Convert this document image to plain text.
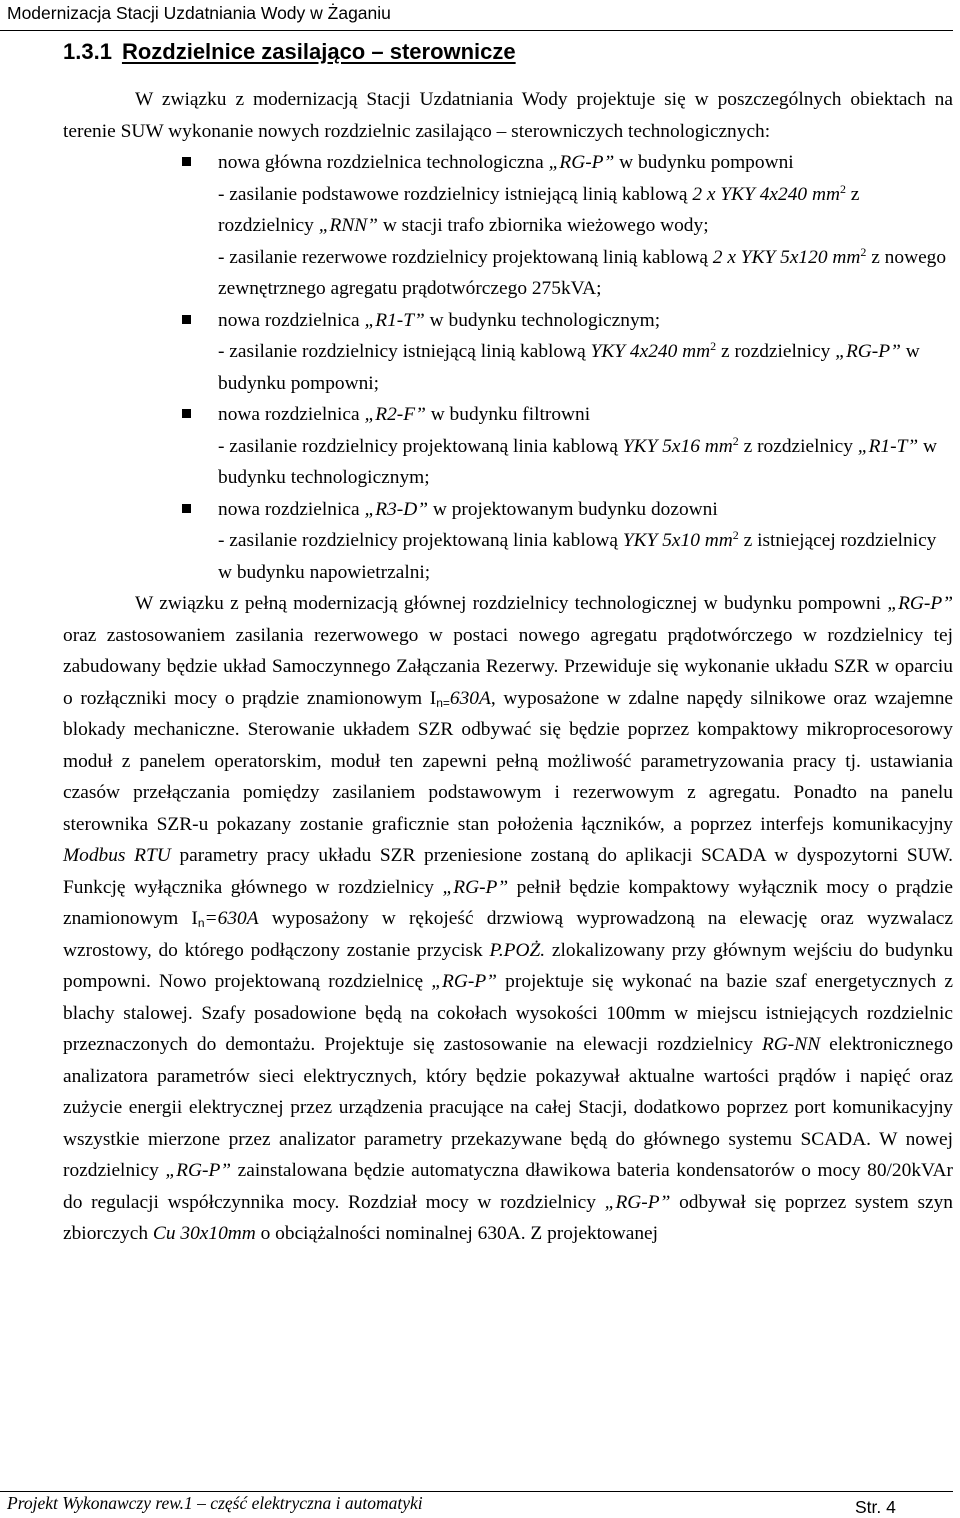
Modernizacja Stacji Uzdatniania Wody w Żaganiu
1.3.1 Rozdzielnice zasilająco – sterownicze

W związku z modernizacją Stacji Uzdatniania Wody projektuje się w poszczególnych obiektach na terenie SUW wykonanie nowych rozdzielnic zasilająco – sterowniczych technologicznych:

nowa główna rozdzielnica technologiczna „RG-P” w budynku pompowni
- zasilanie podstawowe rozdzielnicy istniejącą linią kablową 2 x YKY 4x240 $mm^2$ z rozdzielnicy „RNN” w stacji trafo zbiornika wieżowego wody;
- zasilanie rezerwowe rozdzielnicy projektowaną linią kablową 2 x YKY 5x120 $mm^2$ z nowego zewnętrznego agregatu prądotwórczego 275kVA;
nowa rozdzielnica „R1-T” w budynku technologicznym;
- zasilanie rozdzielnicy istniejącą linią kablową YKY 4x240 $mm^2$ z rozdzielnicy „RG-P” w budynku pompowni;
nowa rozdzielnica „R2-F” w budynku filtrowni
- zasilanie rozdzielnicy projektowaną linia kablową YKY 5x16 $mm^2$ z rozdzielnicy „R1-T” w budynku technologicznym;
nowa rozdzielnica „R3-D” w projektowanym budynku dozowni
- zasilanie rozdzielnicy projektowaną linia kablową YKY 5x10 $mm^2$ z istniejącej rozdzielnicy w budynku napowietrzalni;

W związku z pełną modernizacją głównej rozdzielnicy technologicznej w budynku pompowni „RG-P” oraz zastosowaniem zasilania rezerwowego w postaci nowego agregatu prądotwórczego w rozdzielnicy tej zabudowany będzie układ Samoczynnego Załączania Rezerwy. Przewiduje się wykonanie układu SZR w oparciu o rozłączniki mocy o prądzie znamionowym $I_{n=}630A$, wyposażone w zdalne napędy silnikowe oraz wzajemne blokady mechaniczne. Sterowanie układem SZR odbywać się będzie poprzez kompaktowy mikroprocesorowy moduł z panelem operatorskim, moduł ten zapewni pełną możliwość parametryzowania pracy tj. ustawiania czasów przełączania pomiędzy zasilaniem podstawowym i rezerwowym z agregatu. Ponadto na panelu sterownika SZR-u pokazany zostanie graficznie stan położenia łączników, a poprzez interfejs komunikacyjny Modbus RTU parametry pracy układu SZR przeniesione zostaną do aplikacji SCADA w dyspozytorni SUW. Funkcję wyłącznika głównego w rozdzielnicy „RG-P” pełnił będzie kompaktowy wyłącznik mocy o prądzie znamionowym $I_n=630A$ wyposażony w rękojeść drzwiową wyprowadzoną na elewację oraz wyzwalacz wzrostowy, do którego podłączony zostanie przycisk P.POŻ. zlokalizowany przy głównym wejściu do budynku pompowni. Nowo projektowaną rozdzielnicę „RG-P” projektuje się wykonać na bazie szaf energetycznych z blachy stalowej. Szafy posadowione będą na cokołach wysokości 100mm w miejscu istniejących rozdzielnic przeznaczonych do demontażu. Projektuje się zastosowanie na elewacji rozdzielnicy RG-NN elektronicznego analizatora parametrów sieci elektrycznych, który będzie pokazywał aktualne wartości prądów i napięć oraz zużycie energii elektrycznej przez urządzenia pracujące na całej Stacji, dodatkowo poprzez port komunikacyjny wszystkie mierzone przez analizator parametry przekazywane będą do głównego systemu SCADA. W nowej rozdzielnicy „RG-P” zainstalowana będzie automatyczna dławikowa bateria kondensatorów o mocy 80/20kVAr do regulacji współczynnika mocy. Rozdział mocy w rozdzielnicy „RG-P” odbywał się poprzez system szyn zbiorczych Cu 30x10mm o obciążalności nominalnej 630A. Z projektowanej

Projekt Wykonawczy rew.1 – część elektryczna i automatyki	Str. 4
